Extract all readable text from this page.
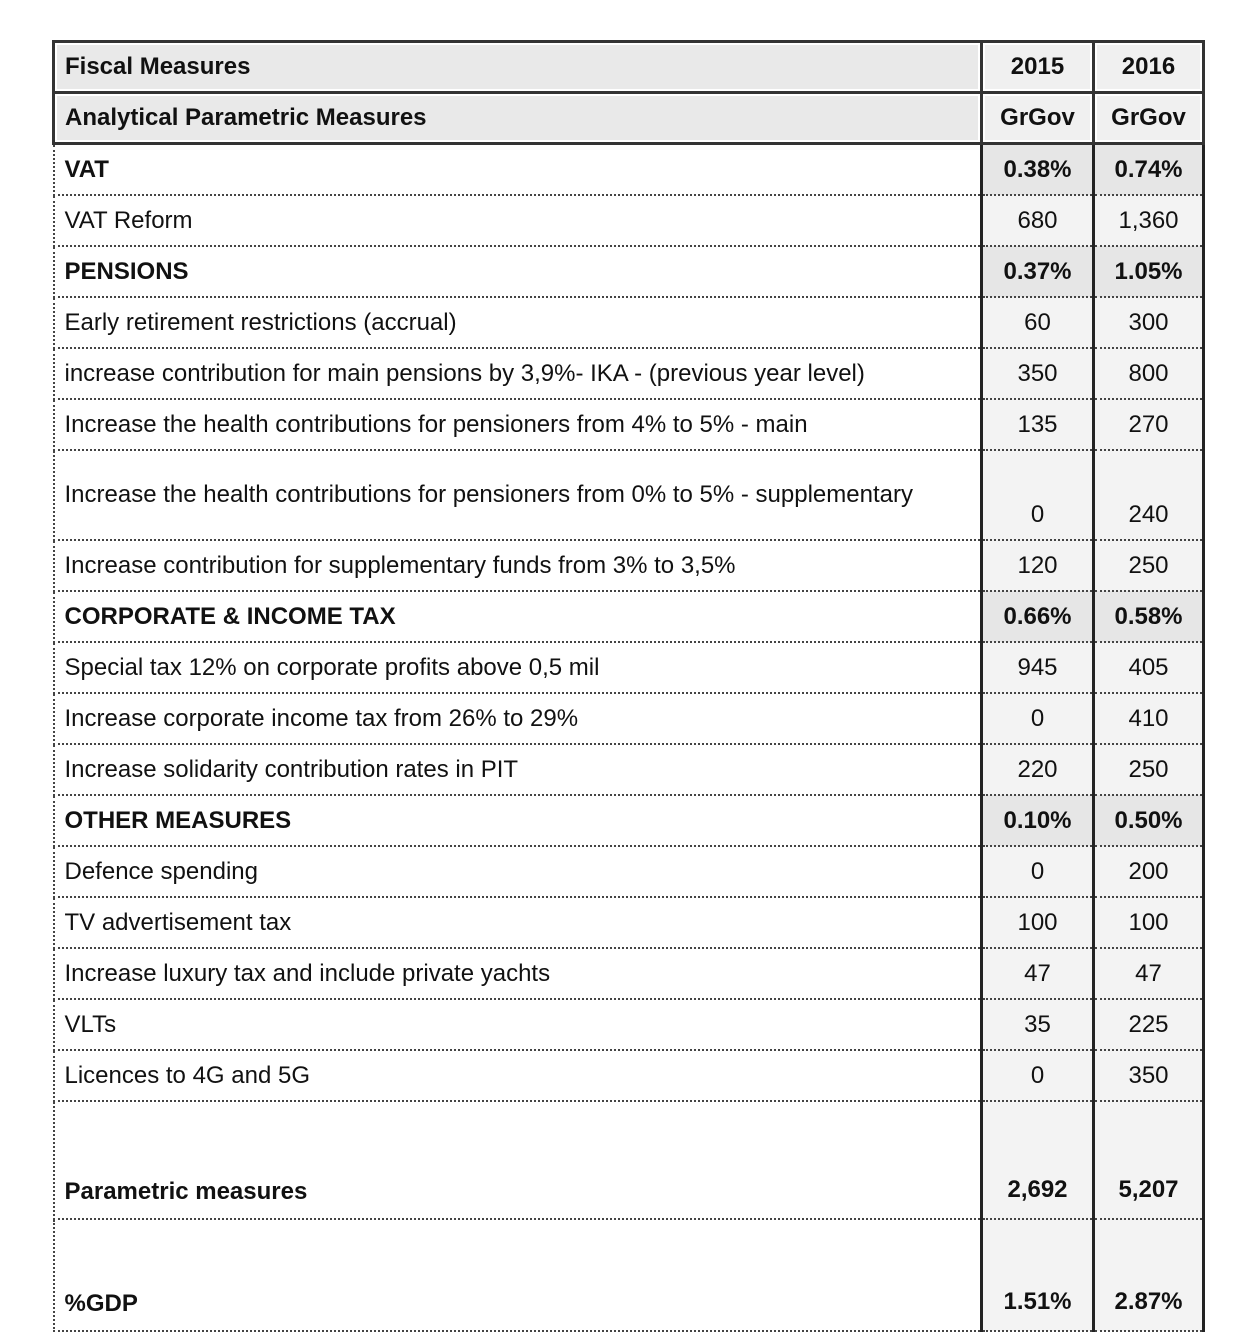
Fiscal Measures	2015	2016
Analytical Parametric Measures	GrGov	GrGov
VAT	0.38%	0.74%
VAT Reform	680	1,360
PENSIONS	0.37%	1.05%
Early retirement restrictions (accrual)	60	300
increase contribution for main pensions by 3,9%- IKA - (previous year level)	350	800
Increase the health contributions for pensioners from 4% to 5% - main	135	270
Increase the health contributions for pensioners from 0% to 5% - supplementary	0	240
Increase contribution for supplementary funds from 3% to 3,5%	120	250
CORPORATE & INCOME TAX	0.66%	0.58%
Special tax 12% on corporate profits above 0,5 mil	945	405
Increase corporate income tax from 26% to 29%	0	410
Increase solidarity contribution rates in PIT	220	250
OTHER MEASURES	0.10%	0.50%
Defence spending	0	200
TV advertisement tax	100	100
Increase luxury tax and include private yachts	47	47
VLTs	35	225
Licences to 4G and 5G	0	350
Parametric measures	2,692	5,207
%GDP	1.51%	2.87%
